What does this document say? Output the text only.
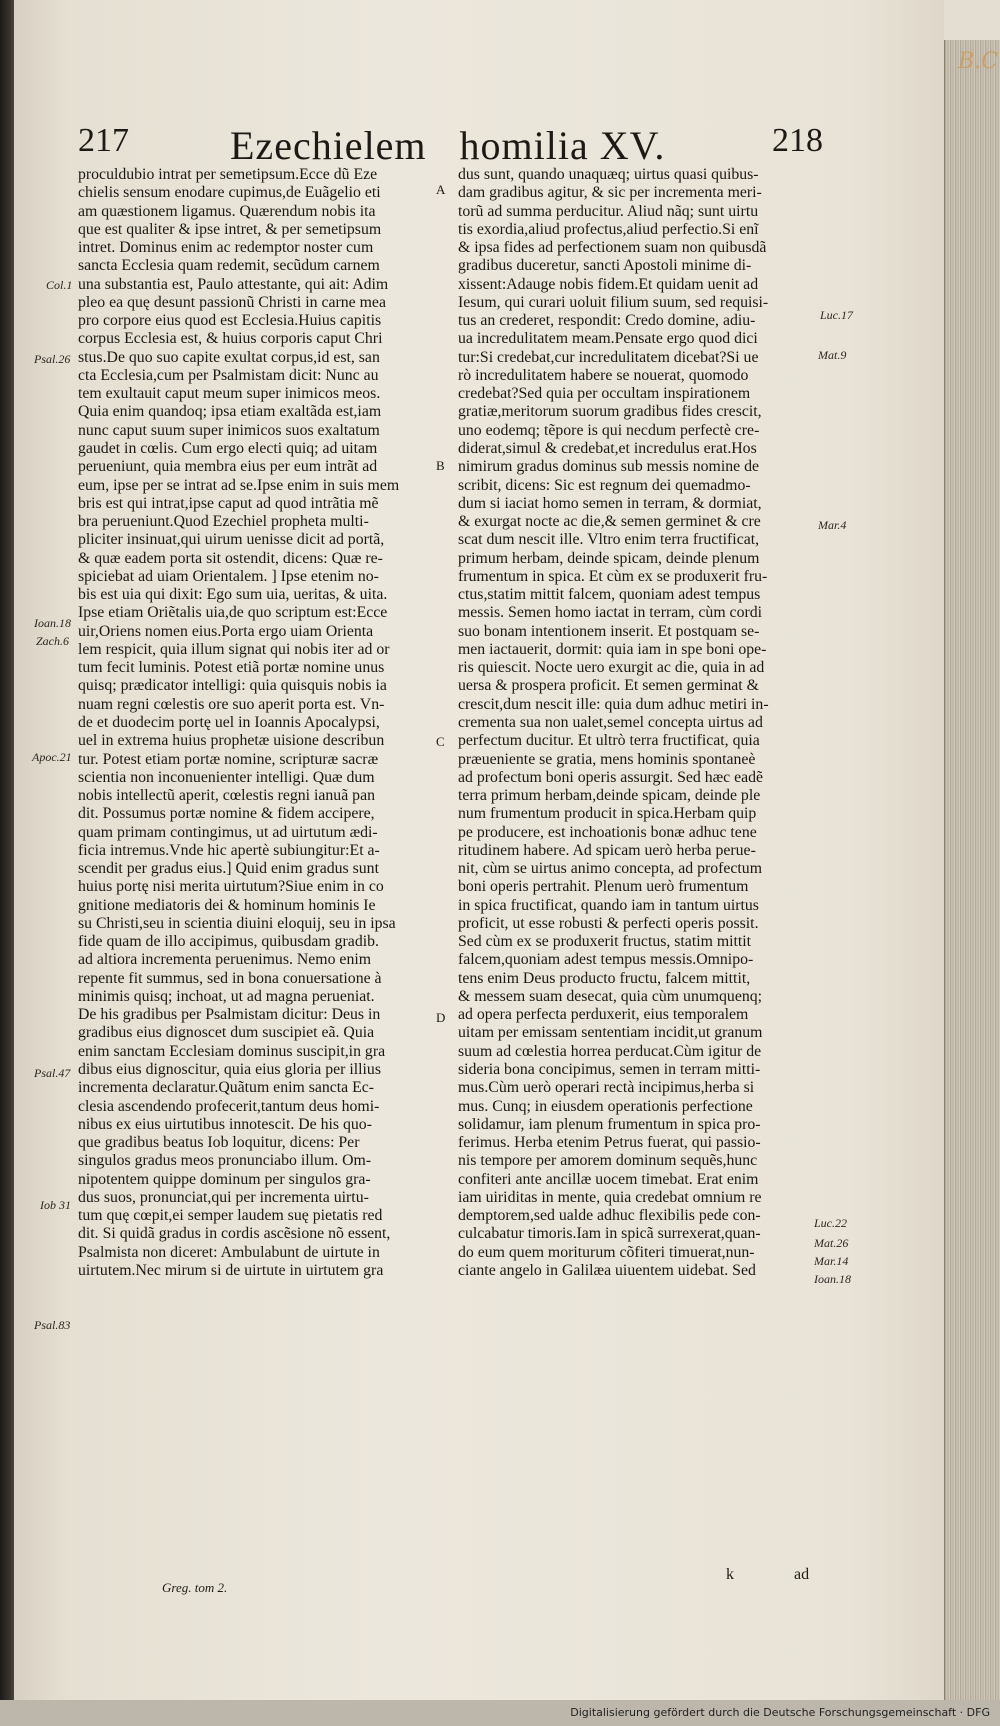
B.C
217	Ezechielem   homilia XV.	218
proculdubio intrat per semetipsum.Ecce dũ Eze
chielis sensum enodare cupimus,de Euãgelio eti
am quæstionem ligamus. Quærendum nobis ita
que est qualiter & ipse intret, & per semetipsum
intret. Dominus enim ac redemptor noster cum
sancta Ecclesia quam redemit, secũdum carnem
una substantia est, Paulo attestante, qui ait: Adim
pleo ea quę desunt passionũ Christi in carne mea
pro corpore eius quod est Ecclesia.Huius capitis
corpus Ecclesia est, & huius corporis caput Chri
stus.De quo suo capite exultat corpus,id est, san
cta Ecclesia,cum per Psalmistam dicit: Nunc au
tem exultauit caput meum super inimicos meos.
Quia enim quandoq; ipsa etiam exaltãda est,iam
nunc caput suum super inimicos suos exaltatum
gaudet in cœlis. Cum ergo electi quiq; ad uitam
perueniunt, quia membra eius per eum intrãt ad
eum, ipse per se intrat ad se.Ipse enim in suis mem
bris est qui intrat,ipse caput ad quod intrãtia mẽ
bra perueniunt.Quod Ezechiel propheta multi-
pliciter insinuat,qui uirum uenisse dicit ad portã,
& quæ eadem porta sit ostendit, dicens: Quæ re-
spiciebat ad uiam Orientalem. ] Ipse etenim no-
bis est uia qui dixit: Ego sum uia, ueritas, & uita.
Ipse etiam Oriẽtalis uia,de quo scriptum est:Ecce
uir,Oriens nomen eius.Porta ergo uiam Orienta
lem respicit, quia illum signat qui nobis iter ad or
tum fecit luminis. Potest etiã portæ nomine unus
quisq; prædicator intelligi: quia quisquis nobis ia
nuam regni cœlestis ore suo aperit porta est. Vn-
de et duodecim portę uel in Ioannis Apocalypsi,
uel in extrema huius prophetæ uisione describun
tur. Potest etiam portæ nomine, scripturæ sacræ
scientia non inconuenienter intelligi. Quæ dum
nobis intellectũ aperit, cœlestis regni ianuã pan
dit. Possumus portæ nomine & fidem accipere,
quam primam contingimus, ut ad uirtutum ædi-
ficia intremus.Vnde hic apertè subiungitur:Et a-
scendit per gradus eius.] Quid enim gradus sunt
huius portę nisi merita uirtutum?Siue enim in co
gnitione mediatoris dei & hominum hominis Ie
su Christi,seu in scientia diuini eloquij, seu in ipsa
fide quam de illo accipimus, quibusdam gradib.
ad altiora incrementa peruenimus. Nemo enim
repente fit summus, sed in bona conuersatione à
minimis quisq; inchoat, ut ad magna perueniat.
De his gradibus per Psalmistam dicitur: Deus in
gradibus eius dignoscet dum suscipiet eã. Quia
enim sanctam Ecclesiam dominus suscipit,in gra
dibus eius dignoscitur, quia eius gloria per illius
incrementa declaratur.Quãtum enim sancta Ec-
clesia ascendendo profecerit,tantum deus homi-
nibus ex eius uirtutibus innotescit. De his quo-
que gradibus beatus Iob loquitur, dicens: Per
singulos gradus meos pronunciabo illum. Om-
nipotentem quippe dominum per singulos gra-
dus suos, pronunciat,qui per incrementa uirtu-
tum quę cœpit,ei semper laudem suę pietatis red
dit. Si quidã gradus in cordis ascẽsione nõ essent,
Psalmista non diceret: Ambulabunt de uirtute in
uirtutem.Nec mirum si de uirtute in uirtutem gra
dus sunt, quando unaquæq; uirtus quasi quibus-
dam gradibus agitur, & sic per incrementa meri-
torũ ad summa perducitur. Aliud nãq; sunt uirtu
tis exordia,aliud profectus,aliud perfectio.Si enĩ
& ipsa fides ad perfectionem suam non quibusdã
gradibus duceretur, sancti Apostoli minime di-
xissent:Adauge nobis fidem.Et quidam uenit ad
Iesum, qui curari uoluit filium suum, sed requisi-
tus an crederet, respondit: Credo domine, adiu-
ua incredulitatem meam.Pensate ergo quod dici
tur:Si credebat,cur incredulitatem dicebat?Si ue
rò incredulitatem habere se nouerat, quomodo
credebat?Sed quia per occultam inspirationem
gratiæ,meritorum suorum gradibus fides crescit,
uno eodemq; tẽpore is qui necdum perfectè cre-
diderat,simul & credebat,et incredulus erat.Hos
nimirum gradus dominus sub messis nomine de
scribit, dicens: Sic est regnum dei quemadmo-
dum si iaciat homo semen in terram, & dormiat,
& exurgat nocte ac die,& semen germinet & cre
scat dum nescit ille. Vltro enim terra fructificat,
primum herbam, deinde spicam, deinde plenum
frumentum in spica. Et cùm ex se produxerit fru-
ctus,statim mittit falcem, quoniam adest tempus
messis. Semen homo iactat in terram, cùm cordi
suo bonam intentionem inserit. Et postquam se-
men iactauerit, dormit: quia iam in spe boni ope-
ris quiescit. Nocte uero exurgit ac die, quia in ad
uersa & prospera proficit. Et semen germinat &
crescit,dum nescit ille: quia dum adhuc metiri in-
crementa sua non ualet,semel concepta uirtus ad
perfectum ducitur. Et ultrò terra fructificat, quia
præueniente se gratia, mens hominis spontaneè
ad profectum boni operis assurgit. Sed hæc eadẽ
terra primum herbam,deinde spicam, deinde ple
num frumentum producit in spica.Herbam quip
pe producere, est inchoationis bonæ adhuc tene
ritudinem habere. Ad spicam uerò herba perue-
nit, cùm se uirtus animo concepta, ad profectum
boni operis pertrahit. Plenum uerò frumentum
in spica fructificat, quando iam in tantum uirtus
proficit, ut esse robusti & perfecti operis possit.
Sed cùm ex se produxerit fructus, statim mittit
falcem,quoniam adest tempus messis.Omnipo-
tens enim Deus producto fructu, falcem mittit,
& messem suam desecat, quia cùm unumquenq;
ad opera perfecta perduxerit, eius temporalem
uitam per emissam sententiam incidit,ut granum
suum ad cœlestia horrea perducat.Cùm igitur de
sideria bona concipimus, semen in terram mitti-
mus.Cùm uerò operari rectà incipimus,herba si
mus. Cunq; in eiusdem operationis perfectione
solidamur, iam plenum frumentum in spica pro-
ferimus. Herba etenim Petrus fuerat, qui passio-
nis tempore per amorem dominum sequẽs,hunc
confiteri ante ancillæ uocem timebat. Erat enim
iam uiriditas in mente, quia credebat omnium re
demptorem,sed ualde adhuc flexibilis pede con-
culcabatur timoris.Iam in spicã surrexerat,quan-
do eum quem moriturum cõfiteri timuerat,nun-
ciante angelo in Galilæa uiuentem uidebat. Sed
Col.1
Psal.26
Ioan.18
Zach.6
Apoc.21
Psal.47
Iob 31
Psal.83
Luc.17
Mat.9
Mar.4
Luc.22
Mat.26
Mar.14
Ioan.18
A
B
C
D
Greg. tom 2.
k	ad
Digitalisierung gefördert durch die Deutsche Forschungsgemeinschaft · DFG
